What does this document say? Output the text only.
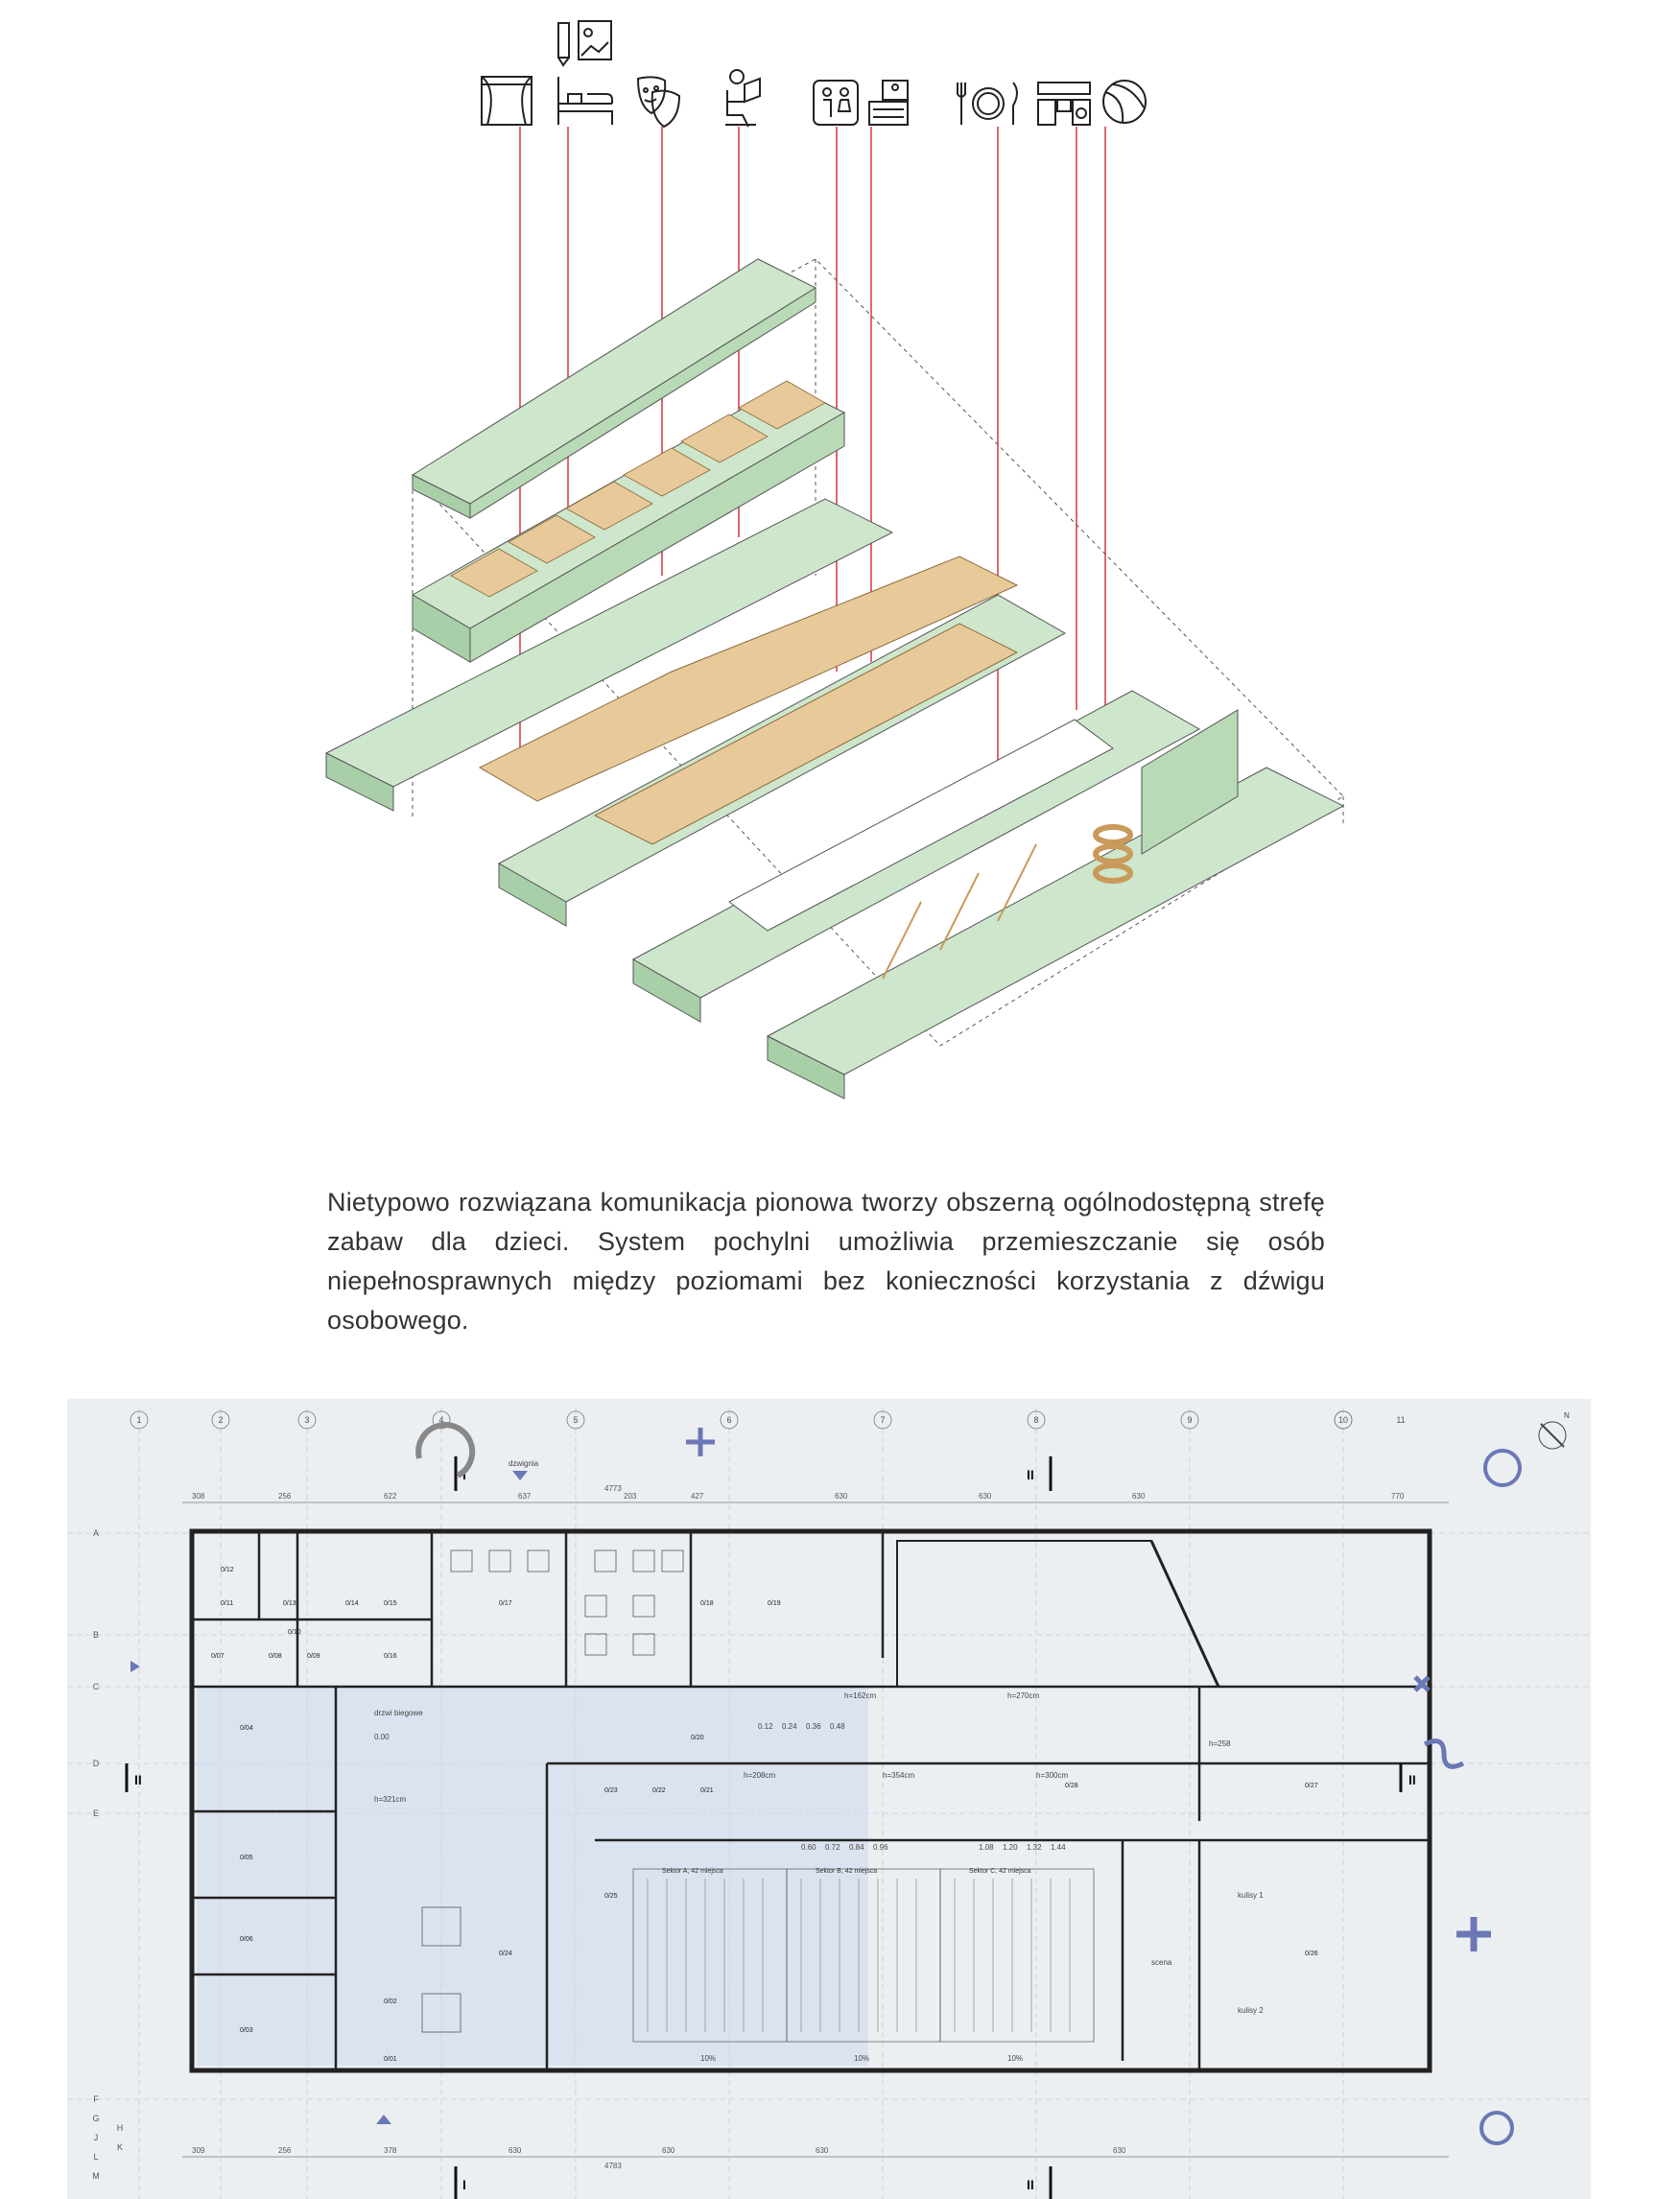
Nietypowo rozwiązana komunikacja pionowa tworzy obszerną ogólnodostępną strefę zabaw dla dzieci. System pochylni umożliwia przemieszczanie się osób niepełnosprawnych między poziomami bez konieczności korzystania z dźwigu osobowego.
1	2	3	4	5	6	7	8	9	10	11
A
B
C
D
E
F
G
H
J
K
L
M
Sektor A, 42 miejsca	Sektor B, 42 miejsca	Sektor C, 42 miejsca
0/12
0/11	0/13	0/14	0/15
0/10
0/07	0/08	0/09	0/16
0/17	0/18	0/19
0/20
0/04
0/05
0/06
0/03
0/02
0/01
0/24
0/23	0/22	0/21
0/25
0/28	0/27
0/26
0.00
0.12 0.24 0.36 0.48
0.60 0.72 0.84 0.96	1.08 1.20 1.32 1.44
h=162cm	h=270cm
h=354cm	h=300cm
h=258
h=321cm
h=208cm
308	256	622	637
4773
203	427	630	630	630	770
309	256	378	630	630	630	630
4783
dzwignia
scena
10%	10%	10%
drzwi biegowe
kulisy 1
kulisy 2
N
I
I
II
II
II	II
